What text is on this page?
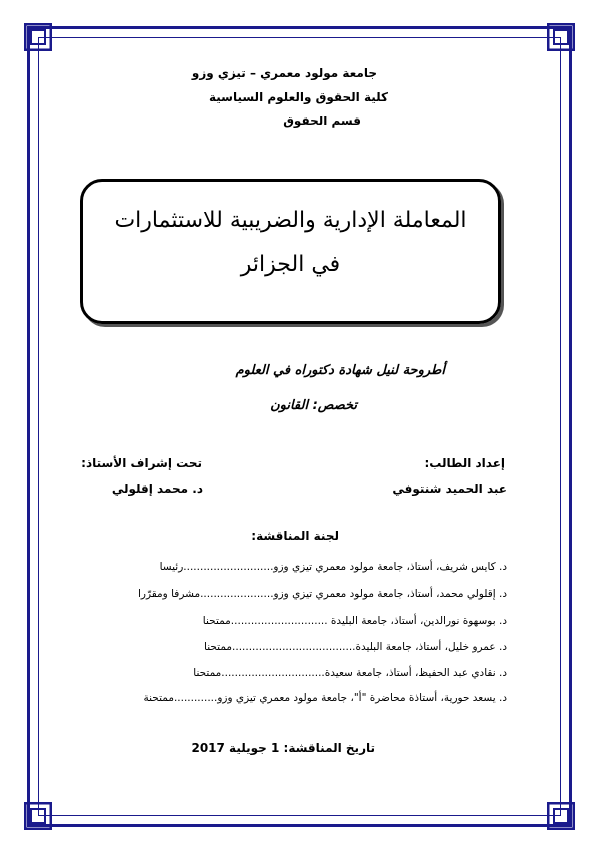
جامعة مولود معمري – تيزي وزو
كلية الحقوق والعلوم السياسية
قسم الحقوق
المعاملة الإدارية والضريبية للاستثمارات
في الجزائر
أطروحة لنيل شهادة دكتوراه في العلوم
تخصص: القانون
إعداد الطالب:
عبد الحميد شنتوفي
تحت إشراف الأستاذ:
د. محمد إقلولي
لجنة المناقشة:
د. كايس شريف، أستاذ، جامعة مولود معمري تيزي وزو...........................رئيسا
د. إقلولي محمد، أستاذ، جامعة مولود معمري تيزي وزو......................مشرفا ومقرّرا
د. بوسهوة نورالدين، أستاذ، جامعة البليدة .............................ممتحنا
د. عمرو خليل، أستاذ، جامعة البليدة.....................................ممتحنا
د. نقادي عبد الحفيظ، أستاذ، جامعة سعيدة...............................ممتحنا
د. يسعد حورية، أستاذة محاضرة "أ"، جامعة مولود معمري تيزي وزو.............ممتحنة
تاريخ المناقشة: 1 جويلية 2017
